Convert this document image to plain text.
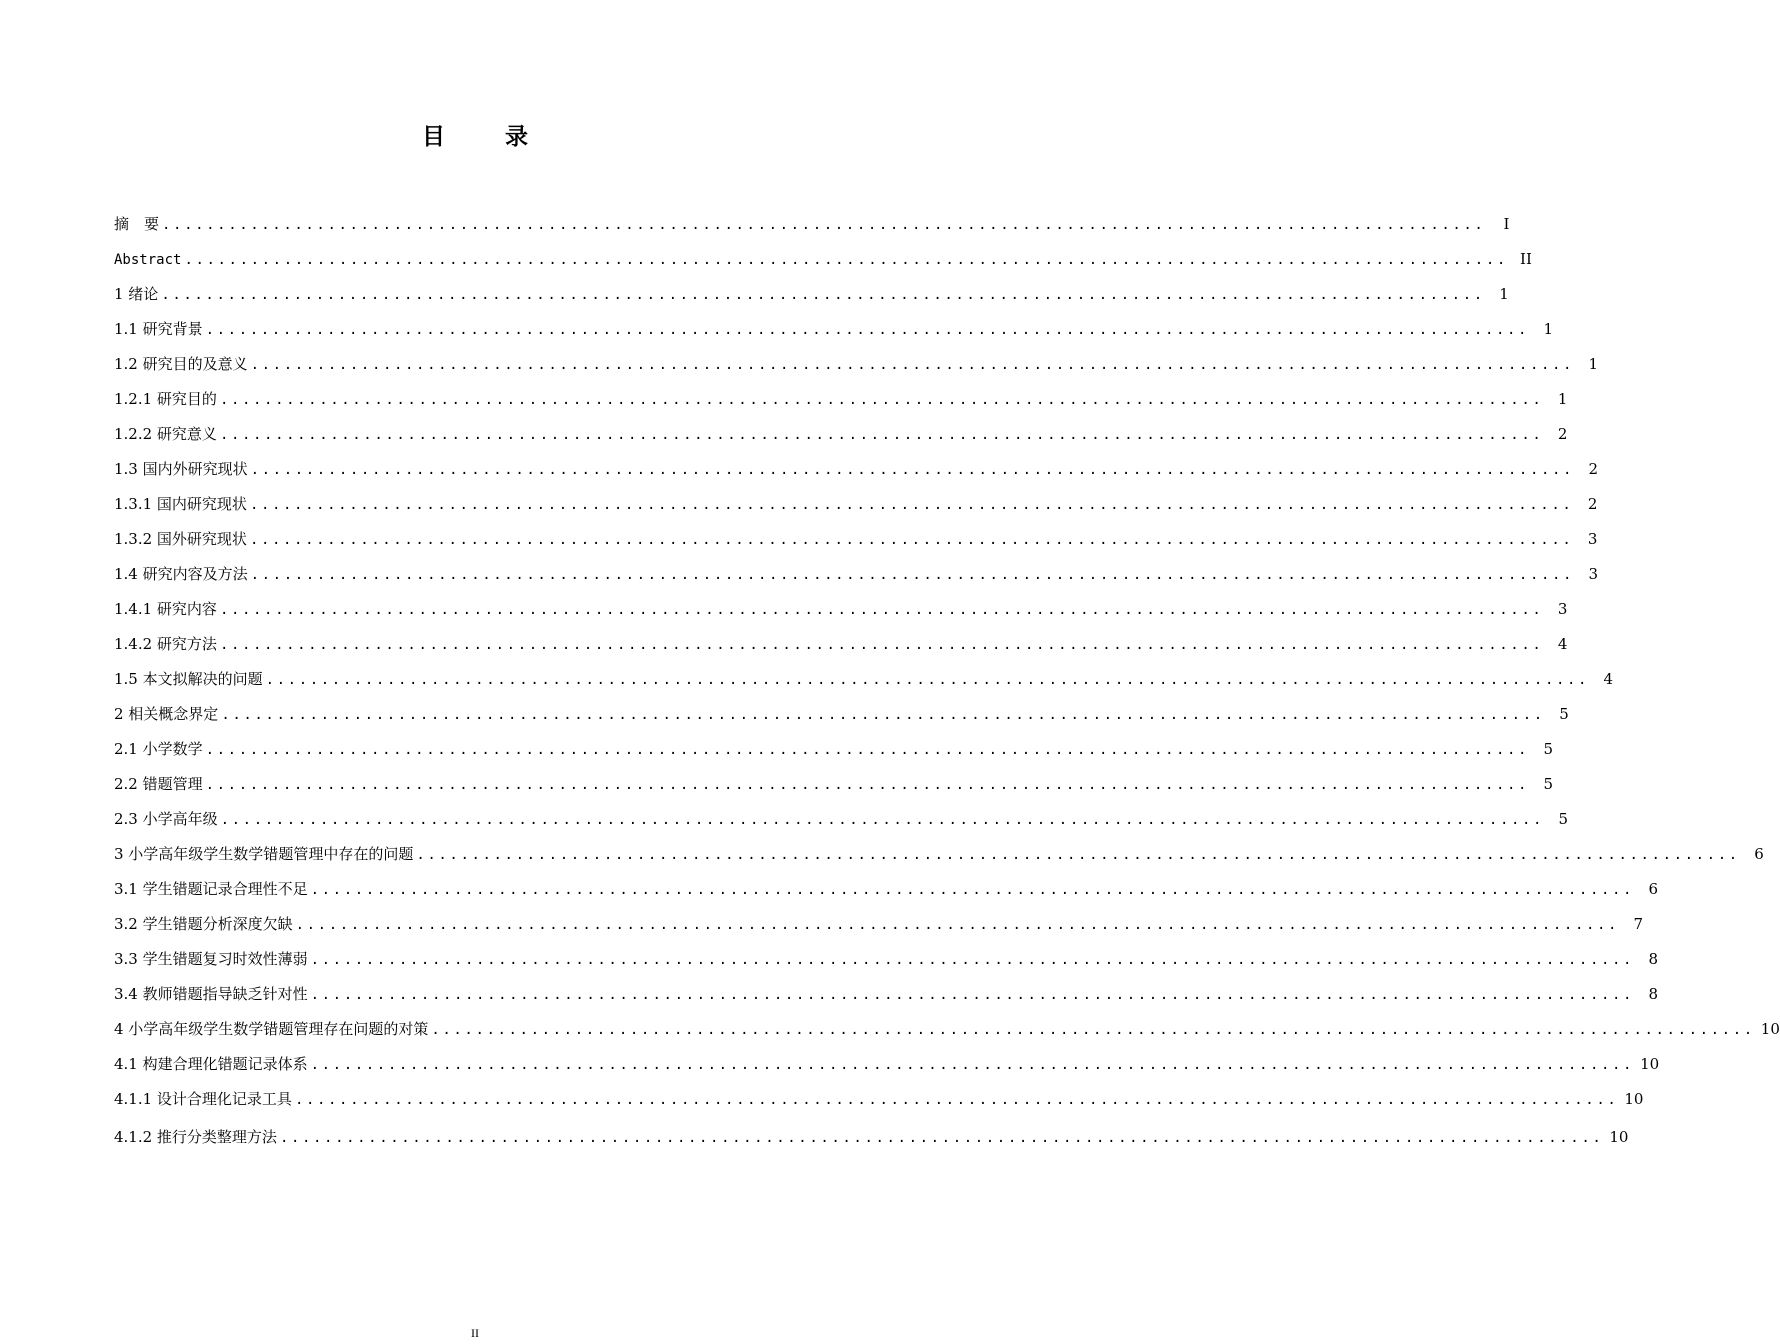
目 录
摘　要 ........................................................................................................................	I
Abstract ........................................................................................................................ II
1 绪论 ........................................................................................................................ 1
1.1 研究背景 ........................................................................................................................ 1
1.2 研究目的及意义 ........................................................................................................................ 1
1.2.1 研究目的 ........................................................................................................................ 1
1.2.2 研究意义 ........................................................................................................................ 2
1.3 国内外研究现状 ........................................................................................................................ 2
1.3.1 国内研究现状 ........................................................................................................................ 2
1.3.2 国外研究现状 ........................................................................................................................ 3
1.4 研究内容及方法 ........................................................................................................................ 3
1.4.1 研究内容 ........................................................................................................................ 3
1.4.2 研究方法 ........................................................................................................................ 4
1.5 本文拟解决的问题 ........................................................................................................................ 4
2 相关概念界定 ........................................................................................................................ 5
2.1 小学数学 ........................................................................................................................ 5
2.2 错题管理 ........................................................................................................................ 5
2.3 小学高年级 ........................................................................................................................ 5
3 小学高年级学生数学错题管理中存在的问题 ........................................................................................................................ 6
3.1 学生错题记录合理性不足 ........................................................................................................................ 6
3.2 学生错题分析深度欠缺 ........................................................................................................................ 7
3.3 学生错题复习时效性薄弱 ........................................................................................................................ 8
3.4 教师错题指导缺乏针对性 ........................................................................................................................ 8
4 小学高年级学生数学错题管理存在问题的对策 ........................................................................................................................ 10
4.1 构建合理化错题记录体系 ........................................................................................................................ 10
4.1.1 设计合理化记录工具 ........................................................................................................................ 10
4.1.2 推行分类整理方法 ........................................................................................................................ 10
II
